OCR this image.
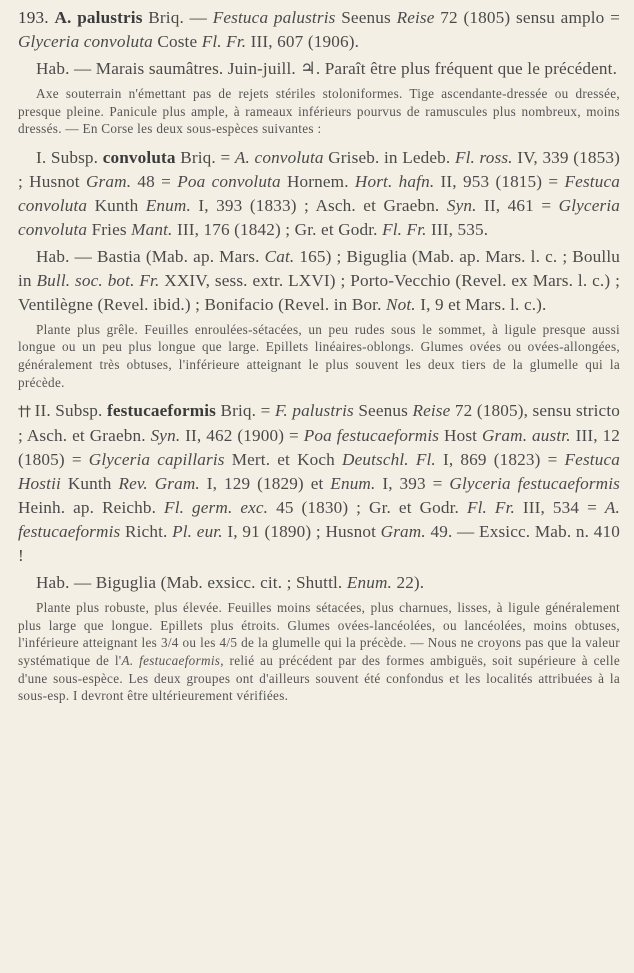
193. A. palustris Briq. — Festuca palustris Seenus Reise 72 (1805) sensu amplo = Glyceria convoluta Coste Fl. Fr. III, 607 (1906).

Hab. — Marais saumâtres. Juin-juill. ♃. Paraît être plus fréquent que le précédent.

Axe souterrain n'émettant pas de rejets stériles stoloniformes. Tige ascendante-dressée ou dressée, presque pleine. Panicule plus ample, à rameaux inférieurs pourvus de ramuscules plus nombreux, moins dressés. — En Corse les deux sous-espèces suivantes :

I. Subsp. convoluta Briq. = A. convoluta Griseb. in Ledeb. Fl. ross. IV, 339 (1853) ; Husnot Gram. 48 = Poa convoluta Hornem. Hort. hafn. II, 953 (1815) = Festuca convoluta Kunth Enum. I, 393 (1833) ; Asch. et Graebn. Syn. II, 461 = Glyceria convoluta Fries Mant. III, 176 (1842) ; Gr. et Godr. Fl. Fr. III, 535.

Hab. — Bastia (Mab. ap. Mars. Cat. 165) ; Biguglia (Mab. ap. Mars. l. c. ; Boullu in Bull. soc. bot. Fr. XXIV, sess. extr. LXVI) ; Porto-Vecchio (Revel. ex Mars. l. c.) ; Ventilègne (Revel. ibid.) ; Bonifacio (Revel. in Bor. Not. I, 9 et Mars. l. c.).

Plante plus grêle. Feuilles enroulées-sétacées, un peu rudes sous le sommet, à ligule presque aussi longue ou un peu plus longue que large. Epillets linéaires-oblongs. Glumes ovées ou ovées-allongées, généralement très obtuses, l'inférieure atteignant le plus souvent les deux tiers de la glumelle qui la précède.

†† II. Subsp. festucaeformis Briq. = F. palustris Seenus Reise 72 (1805), sensu stricto ; Asch. et Graebn. Syn. II, 462 (1900) = Poa festucaeformis Host Gram. austr. III, 12 (1805) = Glyceria capillaris Mert. et Koch Deutschl. Fl. I, 869 (1823) = Festuca Hostii Kunth Rev. Gram. I, 129 (1829) et Enum. I, 393 = Glyceria festucaeformis Heinh. ap. Reichb. Fl. germ. exc. 45 (1830) ; Gr. et Godr. Fl. Fr. III, 534 = A. festucaeformis Richt. Pl. eur. I, 91 (1890) ; Husnot Gram. 49. — Exsicc. Mab. n. 410 !

Hab. — Biguglia (Mab. exsicc. cit. ; Shuttl. Enum. 22).

Plante plus robuste, plus élevée. Feuilles moins sétacées, plus charnues, lisses, à ligule généralement plus large que longue. Epillets plus étroits. Glumes ovées-lancéolées, ou lancéolées, moins obtuses, l'inférieure atteignant les 3/4 ou les 4/5 de la glumelle qui la précède. — Nous ne croyons pas que la valeur systématique de l'A. festucaeformis, relié au précédent par des formes ambiguës, soit supérieure à celle d'une sous-espèce. Les deux groupes ont d'ailleurs souvent été confondus et les localités attribuées à la sous-esp. I devront être ultérieurement vérifiées.
